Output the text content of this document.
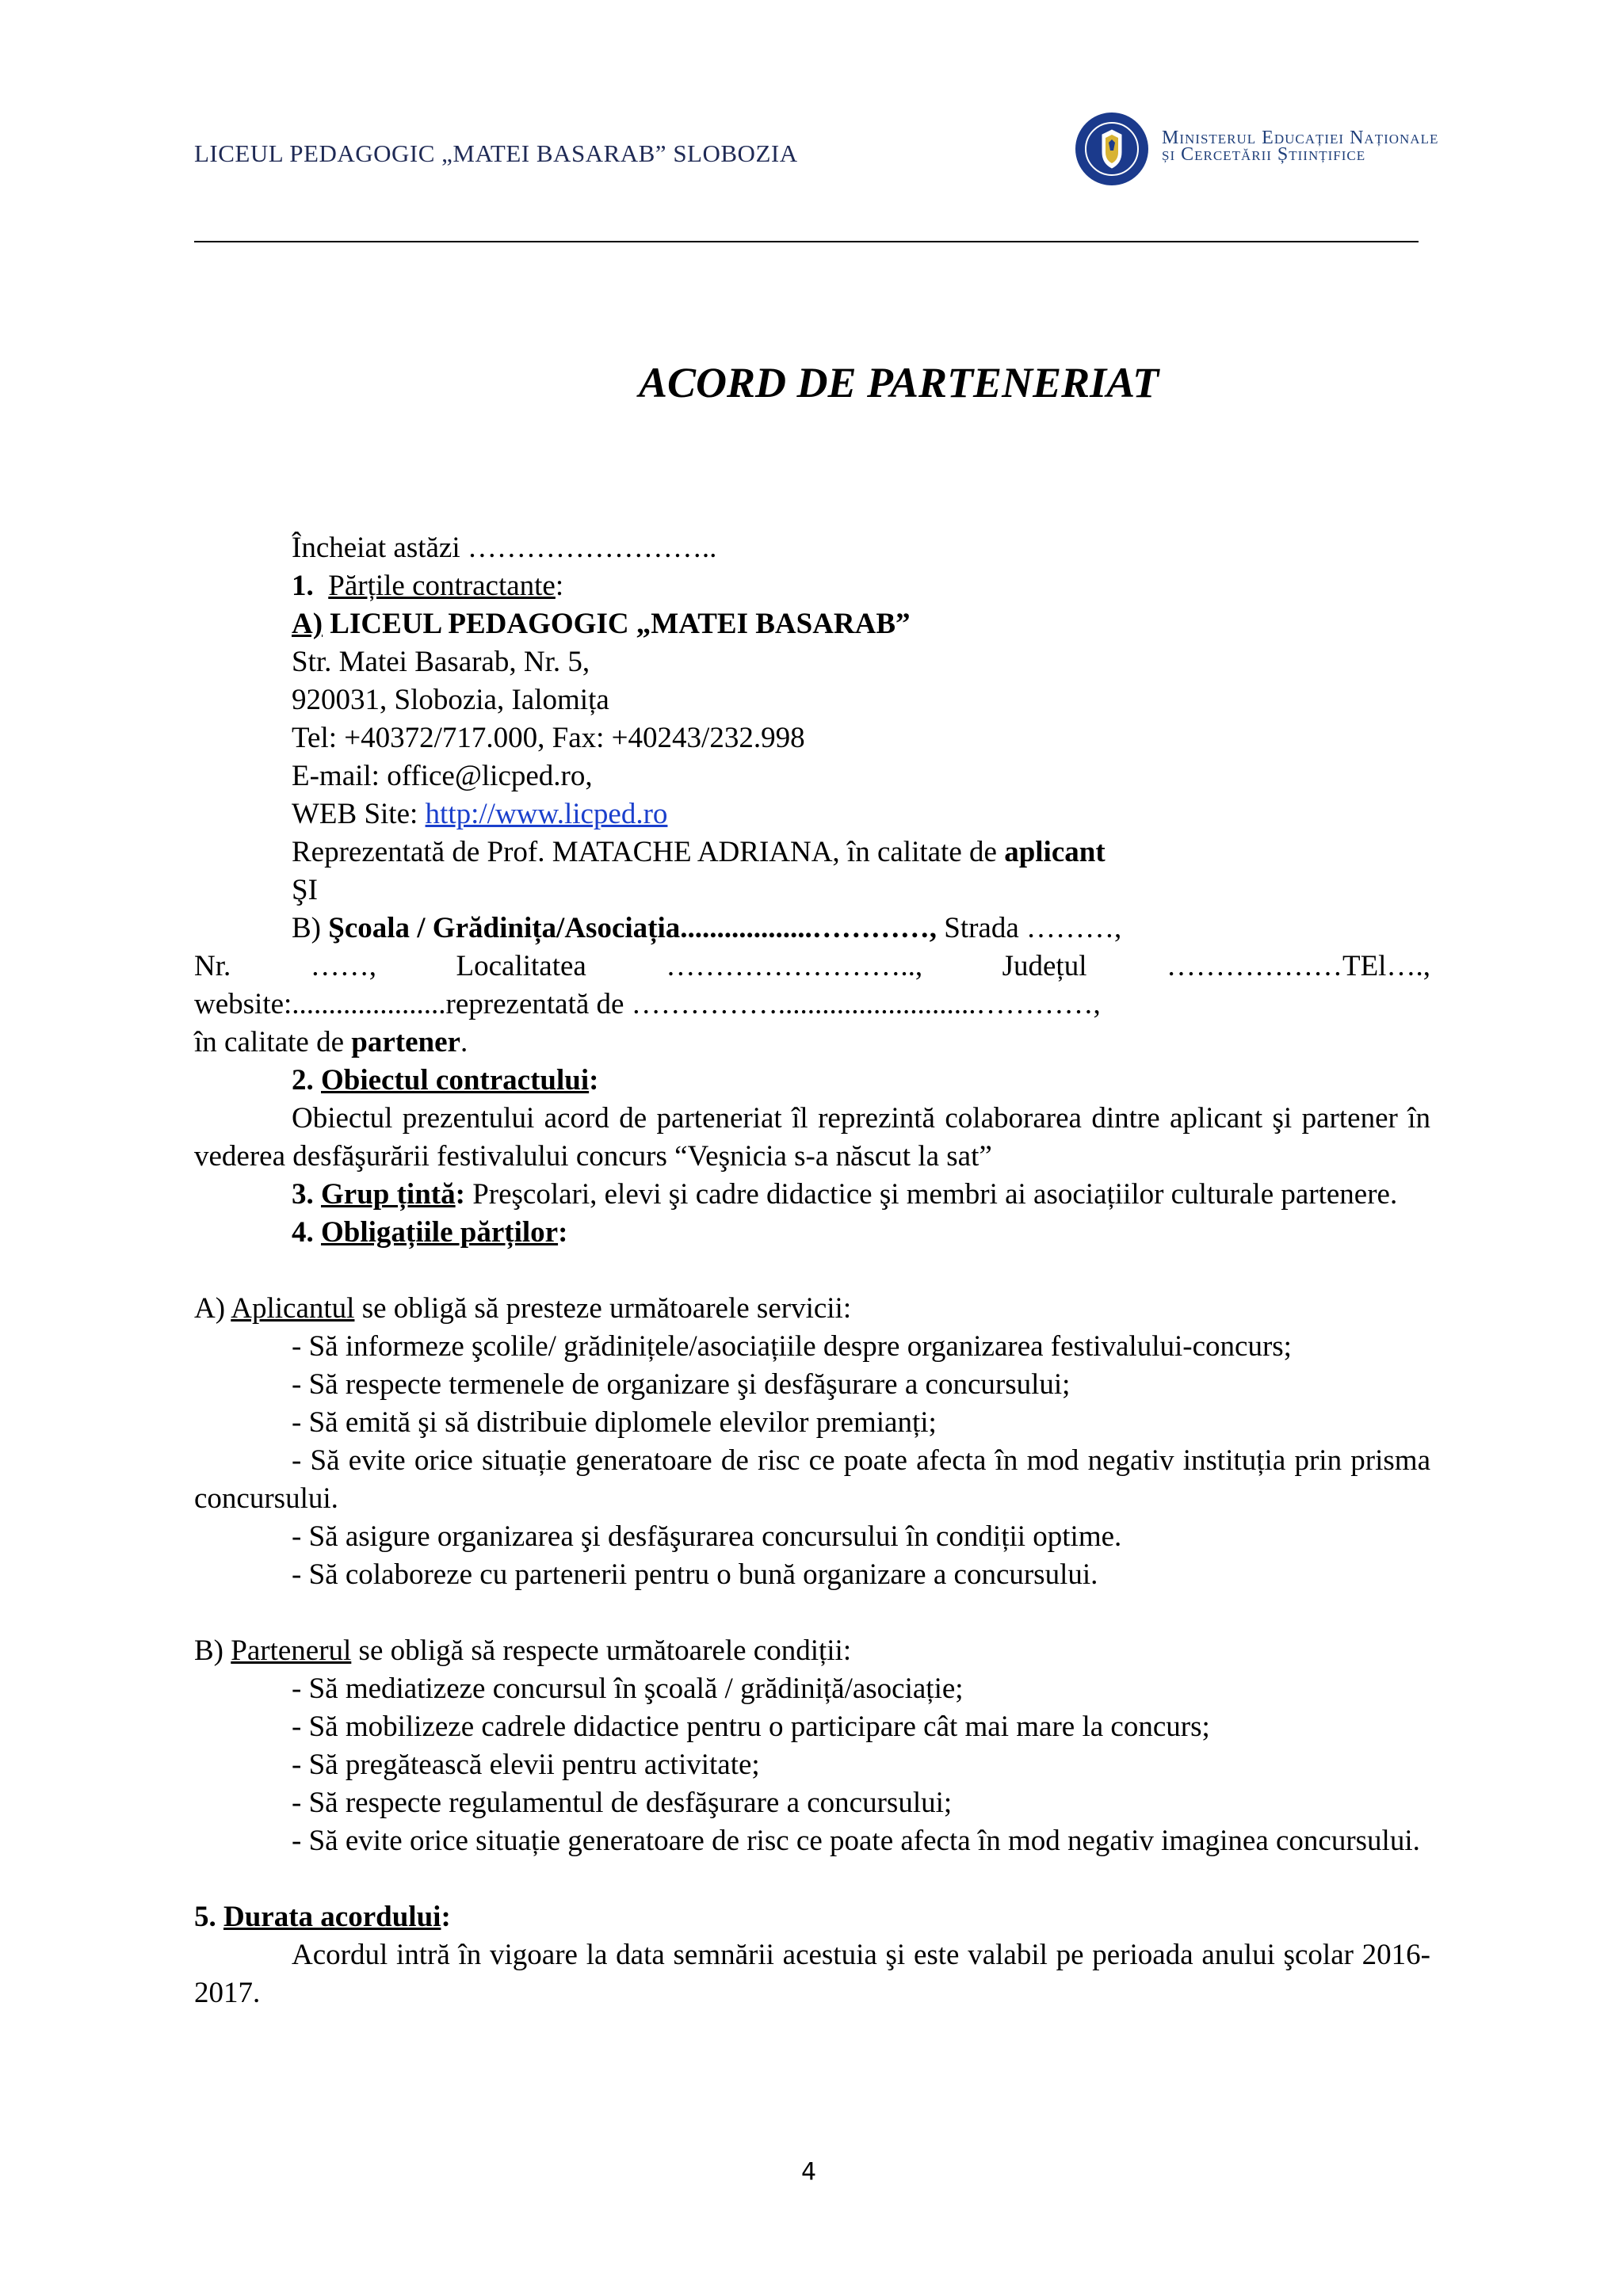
LICEUL PEDAGOGIC „MATEI BASARAB” SLOBOZIA
Ministerul Educației Naționale
și Cercetării Științifice
ACORD DE PARTENERIAT
Încheiat astăzi ……………………..
1. Părțile contractante:
A) LICEUL PEDAGOGIC „MATEI BASARAB”
Str. Matei Basarab, Nr. 5,
920031, Slobozia, Ialomița
Tel: +40372/717.000, Fax: +40243/232.998
E-mail: office@licped.ro,
WEB Site: http://www.licped.ro
Reprezentată de Prof. MATACHE ADRIANA, în calitate de aplicant
ŞI
B) Şcoala / Grădinița/Asociația..................…………, Strada ………,
Nr.	……,	Localitatea	……………………..,	Județul	………………TEl….,
website:.....................reprezentată de ……………...........................…………,
în calitate de partener.
2. Obiectul contractului:
Obiectul prezentului acord de parteneriat îl reprezintă colaborarea dintre aplicant şi partener în vederea desfăşurării festivalului concurs “Veşnicia s-a născut la sat”
3. Grup țintă: Preşcolari, elevi şi cadre didactice şi membri ai asociațiilor culturale partenere.
4. Obligațiile părților:
A) Aplicantul se obligă să presteze următoarele servicii:
- Să informeze şcolile/ grădinițele/asociațiile despre organizarea festivalului-concurs;
- Să respecte termenele de organizare şi desfăşurare a concursului;
- Să emită şi să distribuie diplomele elevilor premianți;
- Să evite orice situație generatoare de risc ce poate afecta în mod negativ instituția prin prisma concursului.
- Să asigure organizarea şi desfăşurarea concursului în condiții optime.
- Să colaboreze cu partenerii pentru o bună organizare a concursului.
B) Partenerul se obligă să respecte următoarele condiții:
- Să mediatizeze concursul în şcoală / grădiniță/asociație;
- Să mobilizeze cadrele didactice pentru o participare cât mai mare la concurs;
- Să pregătească elevii pentru activitate;
- Să respecte regulamentul de desfăşurare a concursului;
- Să evite orice situație generatoare de risc ce poate afecta în mod negativ imaginea concursului.
5. Durata acordului:
Acordul intră în vigoare la data semnării acestuia şi este valabil pe perioada anului şcolar 2016-2017.
4
